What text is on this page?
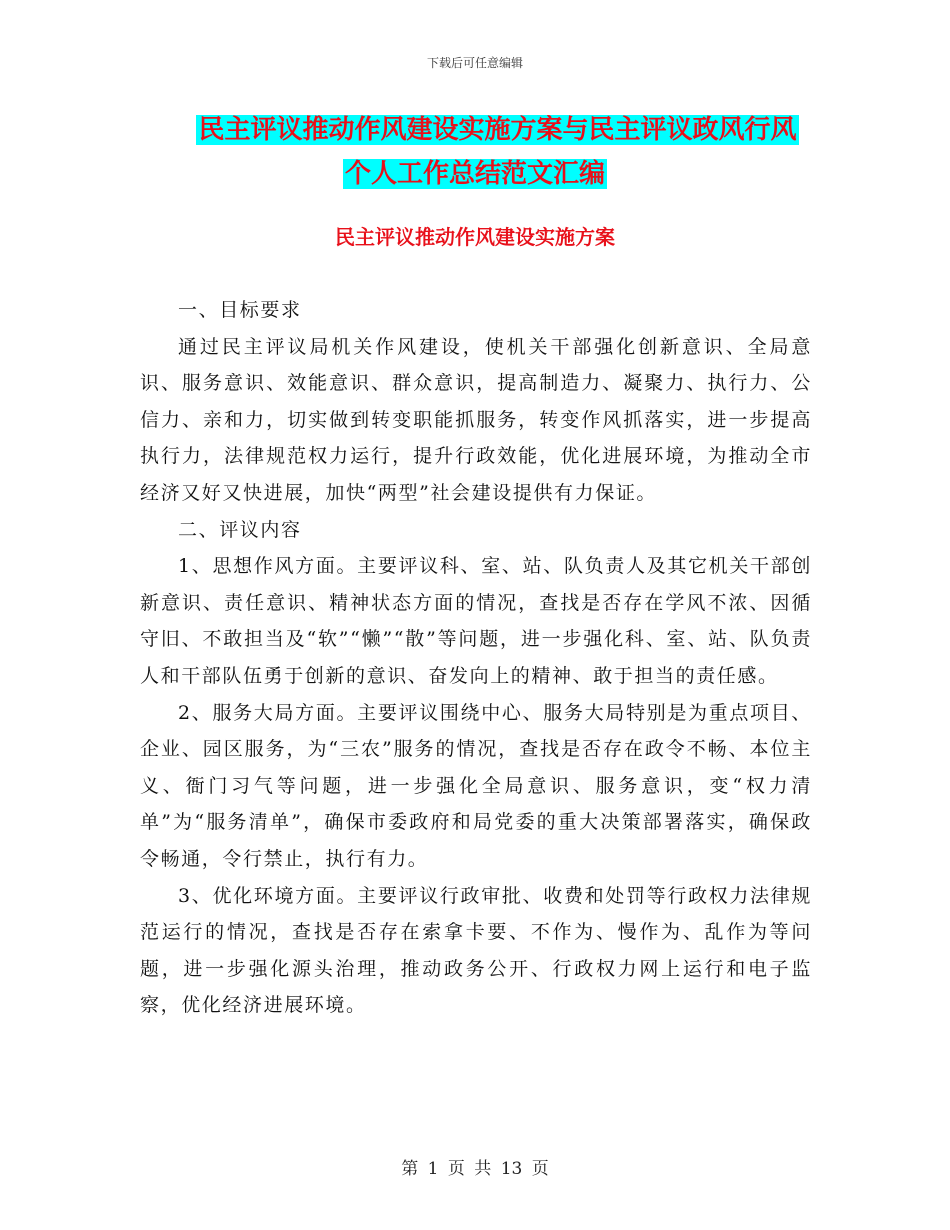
下载后可任意编辑
民主评议推动作风建设实施方案与民主评议政风行风
个人工作总结范文汇编
民主评议推动作风建设实施方案

一、目标要求

通过民主评议局机关作风建设，使机关干部强化创新意识、全局意识、服务意识、效能意识、群众意识，提高制造力、凝聚力、执行力、公信力、亲和力，切实做到转变职能抓服务，转变作风抓落实，进一步提高执行力，法律规范权力运行，提升行政效能，优化进展环境，为推动全市经济又好又快进展，加快“两型”社会建设提供有力保证。

二、评议内容

1、思想作风方面。主要评议科、室、站、队负责人及其它机关干部创新意识、责任意识、精神状态方面的情况，查找是否存在学风不浓、因循守旧、不敢担当及“软”“懒”“散”等问题，进一步强化科、室、站、队负责人和干部队伍勇于创新的意识、奋发向上的精神、敢于担当的责任感。

2、服务大局方面。主要评议围绕中心、服务大局特别是为重点项目、企业、园区服务，为“三农”服务的情况，查找是否存在政令不畅、本位主义、衙门习气等问题，进一步强化全局意识、服务意识，变“权力清单”为“服务清单”，确保市委政府和局党委的重大决策部署落实，确保政令畅通，令行禁止，执行有力。

3、优化环境方面。主要评议行政审批、收费和处罚等行政权力法律规范运行的情况，查找是否存在索拿卡要、不作为、慢作为、乱作为等问题，进一步强化源头治理，推动政务公开、行政权力网上运行和电子监察，优化经济进展环境。

第 1 页 共 13 页
